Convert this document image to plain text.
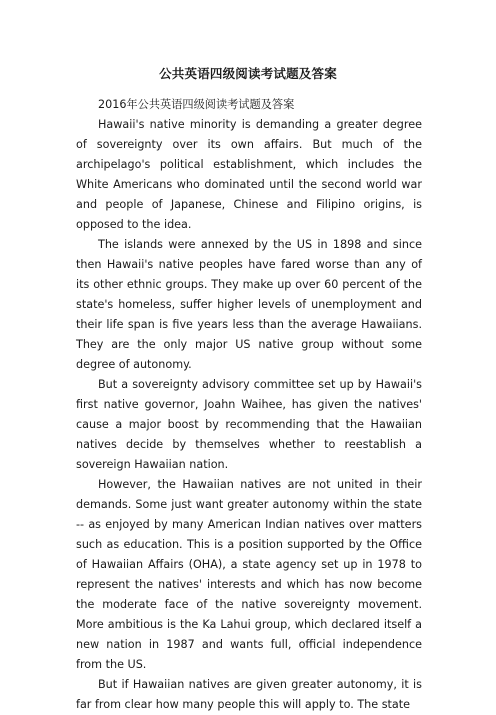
公共英语四级阅读考试题及答案

2016年公共英语四级阅读考试题及答案

Hawaii's native minority is demanding a greater degree of sovereignty over its own affairs. But much of the archipelago's political establishment, which includes the White Americans who dominated until the second world war and people of Japanese, Chinese and Filipino origins, is opposed to the idea.

The islands were annexed by the US in 1898 and since then Hawaii's native peoples have fared worse than any of its other ethnic groups. They make up over 60 percent of the state's homeless, suffer higher levels of unemployment and their life span is five years less than the average Hawaiians. They are the only major US native group without some degree of autonomy.

But a sovereignty advisory committee set up by Hawaii's first native governor, Joahn Waihee, has given the natives' cause a major boost by recommending that the Hawaiian natives decide by themselves whether to reestablish a sovereign Hawaiian nation.

However, the Hawaiian natives are not united in their demands. Some just want greater autonomy within the state -- as enjoyed by many American Indian natives over matters such as education. This is a position supported by the Office of Hawaiian Affairs (OHA), a state agency set up in 1978 to represent the natives' interests and which has now become the moderate face of the native sovereignty movement. More ambitious is the Ka Lahui group, which declared itself a new nation in 1987 and wants full, official independence from the US.

But if Hawaiian natives are given greater autonomy, it is far from clear how many people this will apply to. The state
